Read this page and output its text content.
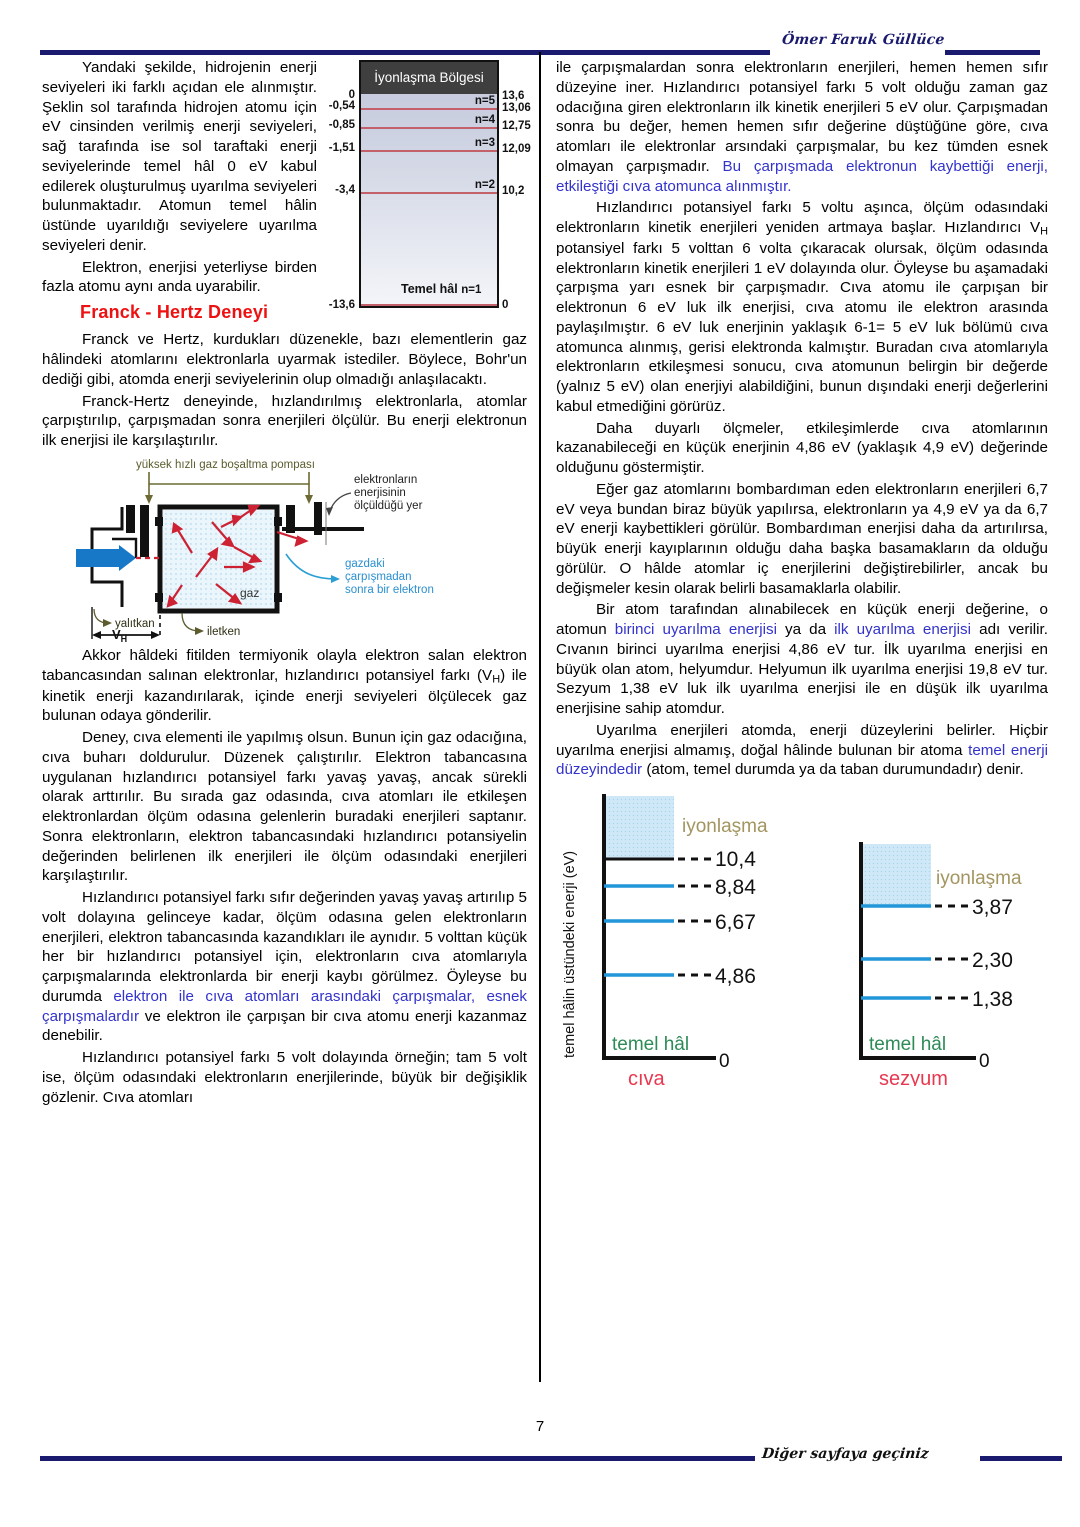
Ömer Faruk Güllüce
İyonlaşma Bölgesi
Temel hâl n=1
n=5
n=4
n=3
n=2
0
-0,54
-0,85
-1,51
-3,4
-13,6
13,6
13,06
12,75
12,09
10,2
0

Yandaki şekilde, hidrojenin enerji seviyeleri iki farklı açıdan ele alınmıştır. Şeklin sol tarafında hidrojen atomu için eV cinsinden verilmiş enerji seviyeleri, sağ tarafında ise sol taraftaki enerji seviyelerinde temel hâl 0 eV kabul edilerek oluşturulmuş uyarılma seviyeleri bulunmaktadır. Atomun temel hâlin üstünde uyarıldığı seviyelere uyarılma seviyeleri denir.

Elektron, enerjisi yeterliyse birden fazla atomu aynı anda uyarabilir.

Franck - Hertz Deneyi

Franck ve Hertz, kurdukları düzenekle, bazı elementlerin gaz hâlindeki atomlarını elektronlarla uyarmak istediler. Böylece, Bohr'un dediği gibi, atomda enerji seviyelerinin olup olmadığı anlaşılacaktı.

Franck-Hertz deneyinde, hızlandırılmış elektronlarla, atomlar çarpıştırılıp, çarpışmadan sonra enerjileri ölçülür. Bu enerji elektronun ilk enerjisi ile karşılaştırılır.

yüksek hızlı gaz boşaltma pompası
gaz
elektronların
enerjisinin
ölçüldüğü yer
gazdaki
çarpışmadan
sonra bir elektron
yalıtkan
iletken
$V_H$

Akkor hâldeki fitilden termiyonik olayla elektron salan elektron tabancasından salınan elektronlar, hızlandırıcı potansiyel farkı $(V_H)$ ile kinetik enerji kazandırılarak, içinde enerji seviyeleri ölçülecek gaz bulunan odaya gönderilir.

Deney, cıva elementi ile yapılmış olsun. Bunun için gaz odacığına, cıva buharı doldurulur. Düzenek çalıştırılır. Elektron tabancasına uygulanan hızlandırıcı potansiyel farkı yavaş yavaş, ancak sürekli olarak arttırılır. Bu sırada gaz odasında, cıva atomları ile etkileşen elektronlardan ölçüm odasına gelenlerin buradaki enerjileri saptanır. Sonra elektronların, elektron tabancasındaki hızlandırıcı potansiyelin değerinden belirlenen ilk enerjileri ile ölçüm odasındaki enerjileri karşılaştırılır.

Hızlandırıcı potansiyel farkı sıfır değerinden yavaş yavaş artırılıp 5 volt dolayına gelinceye kadar, ölçüm odasına gelen elektronların enerjileri, elektron tabancasında kazandıkları ile aynıdır. 5 volttan küçük her bir hızlandırıcı potansiyel için, elektronların cıva atomlarıyla çarpışmalarında elektronlarda bir enerji kaybı görülmez. Öyleyse bu durumda elektron ile cıva atomları arasındaki çarpışmalar, esnek çarpışmalardır ve elektron ile çarpışan bir cıva atomu enerji kazanmaz denebilir.

Hızlandırıcı potansiyel farkı 5 volt dolayında örneğin; tam 5 volt ise, ölçüm odasındaki elektronların enerjilerinde, büyük bir değişiklik gözlenir. Cıva atomları

ile çarpışmalardan sonra elektronların enerjileri, hemen hemen sıfır düzeyine iner. Hızlandırıcı potansiyel farkı 5 volt olduğu zaman gaz odacığına giren elektronların ilk kinetik enerjileri 5 eV olur. Çarpışmadan sonra bu değer, hemen hemen sıfır değerine düştüğüne göre, cıva atomları ile elektronlar arsındaki çarpışmalar, bu kez tümden esnek olmayan çarpışmadır. Bu çarpışmada elektronun kaybettiği enerji, etkileştiği cıva atomunca alınmıştır.

Hızlandırıcı potansiyel farkı 5 voltu aşınca, ölçüm odasındaki elektronların kinetik enerjileri yeniden artmaya başlar. Hızlandırıcı $V_H$ potansiyel farkı 5 volttan 6 volta çıkaracak olursak, ölçüm odasında elektronların kinetik enerjileri 1 eV dolayında olur. Öyleyse bu aşamadaki çarpışma yarı esnek bir çarpışmadır. Cıva atomu ile çarpışan bir elektronun 6 eV luk ilk enerjisi, cıva atomu ile elektron arasında paylaşılmıştır. 6 eV luk enerjinin yaklaşık 6-1= 5 eV luk bölümü cıva atomunca alınmış, gerisi elektronda kalmıştır. Buradan cıva atomlarıyla elektronların etkileşmesi sonucu, cıva atomunun belirgin bir değerde (yalnız 5 eV) olan enerjiyi alabildiğini, bunun dışındaki enerji değerlerini kabul etmediğini görürüz.

Daha duyarlı ölçmeler, etkileşimlerde cıva atomlarının kazanabileceği en küçük enerjinin 4,86 eV (yaklaşık 4,9 eV) değerinde olduğunu göstermiştir.

Eğer gaz atomlarını bombardıman eden elektronların enerjileri 6,7 eV veya bundan biraz büyük yapılırsa, elektronların ya 4,9 eV ya da 6,7 eV enerji kaybettikleri görülür. Bombardıman enerjisi daha da artırılırsa, büyük enerji kayıplarının olduğu daha başka basamakların da olduğu görülür. O hâlde atomlar iç enerjilerini değiştirebilirler, ancak bu değişmeler kesin olarak belirli basamaklarla olabilir.

Bir atom tarafından alınabilecek en küçük enerji değerine, o atomun birinci uyarılma enerjisi ya da ilk uyarılma enerjisi adı verilir. Cıvanın birinci uyarılma enerjisi 4,86 eV tur. İlk uyarılma enerjisi en büyük olan atom, helyumdur. Helyumun ilk uyarılma enerjisi 19,8 eV tur. Sezyum 1,38 eV luk ilk uyarılma enerjisi ile en düşük ilk uyarılma enerjisine sahip atomdur.

Uyarılma enerjileri atomda, enerji düzeylerini belirler. Hiçbir uyarılma enerjisi almamış, doğal hâlinde bulunan bir atoma temel enerji düzeyindedir (atom, temel durumda ya da taban durumundadır) denir.

temel hâlin üstündeki enerji (eV)	10,4
8,84
6,67
4,86
iyonlaşma
temel hâl
0
cıva
3,87
2,30
1,38
iyonlaşma
temel hâl
0
sezyum
7
Diğer sayfaya geçiniz
